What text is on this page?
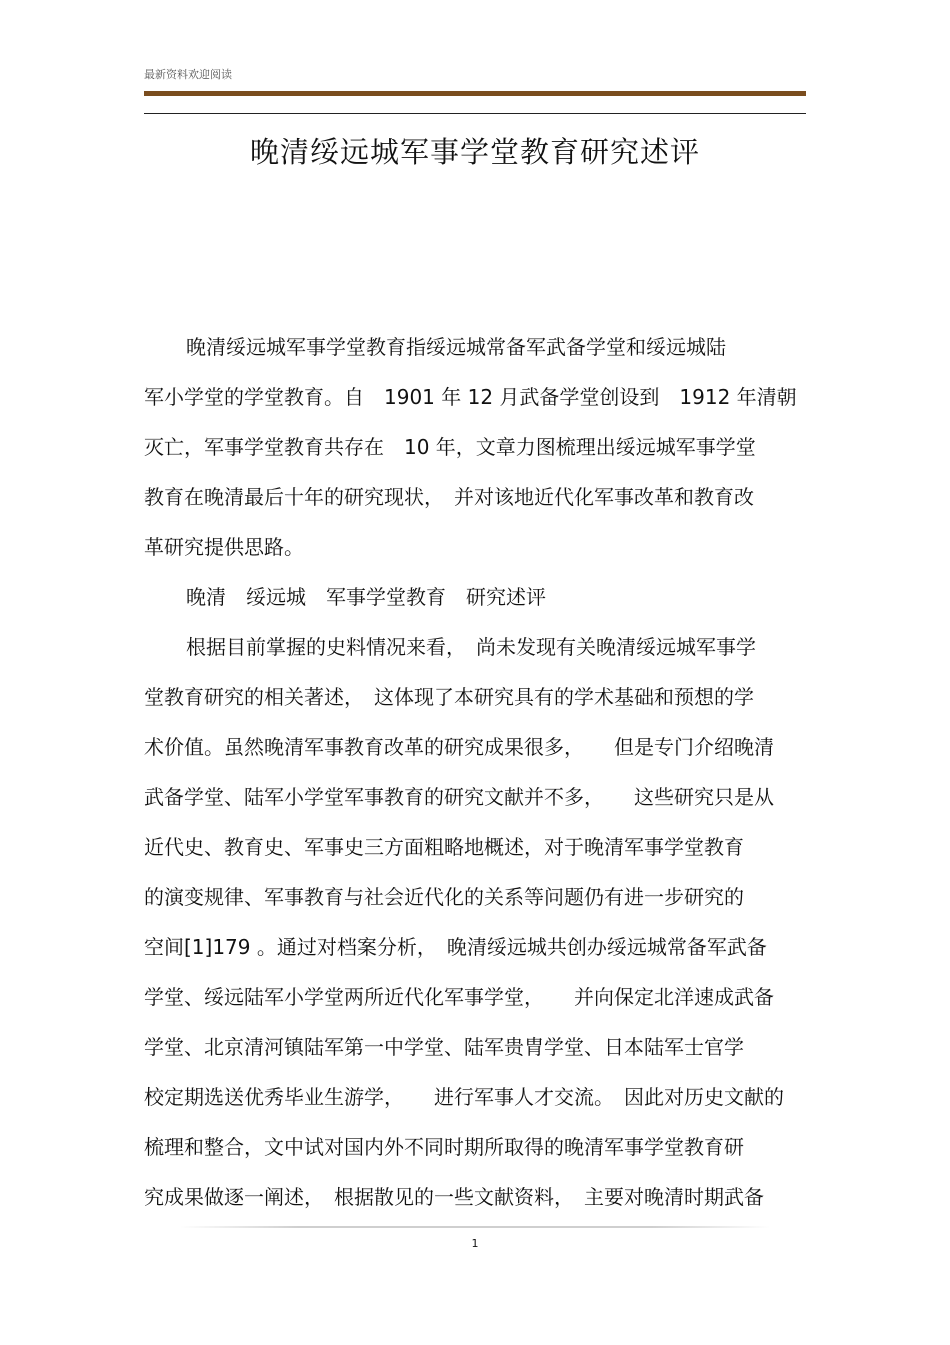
最新资料欢迎阅读
晚清绥远城军事学堂教育研究述评
晚清绥远城军事学堂教育指绥远城常备军武备学堂和绥远城陆
军小学堂的学堂教育。自　1901 年 12 月武备学堂创设到　1912 年清朝
灭亡，军事学堂教育共存在　10 年，文章力图梳理出绥远城军事学堂
教育在晚清最后十年的研究现状，　并对该地近代化军事改革和教育改
革研究提供思路。
晚清　绥远城　军事学堂教育　研究述评
根据目前掌握的史料情况来看，　尚未发现有关晚清绥远城军事学
堂教育研究的相关著述，　这体现了本研究具有的学术基础和预想的学
术价值。虽然晚清军事教育改革的研究成果很多，　　但是专门介绍晚清
武备学堂、陆军小学堂军事教育的研究文献并不多，　　这些研究只是从
近代史、教育史、军事史三方面粗略地概述，对于晚清军事学堂教育
的演变规律、军事教育与社会近代化的关系等问题仍有进一步研究的
空间[1]179 。通过对档案分析，　晚清绥远城共创办绥远城常备军武备
学堂、绥远陆军小学堂两所近代化军事学堂，　　并向保定北洋速成武备
学堂、北京清河镇陆军第一中学堂、陆军贵胄学堂、日本陆军士官学
校定期选送优秀毕业生游学，　　进行军事人才交流。　因此对历史文献的
梳理和整合，文中试对国内外不同时期所取得的晚清军事学堂教育研
究成果做逐一阐述，　根据散见的一些文献资料，　主要对晚清时期武备
1
